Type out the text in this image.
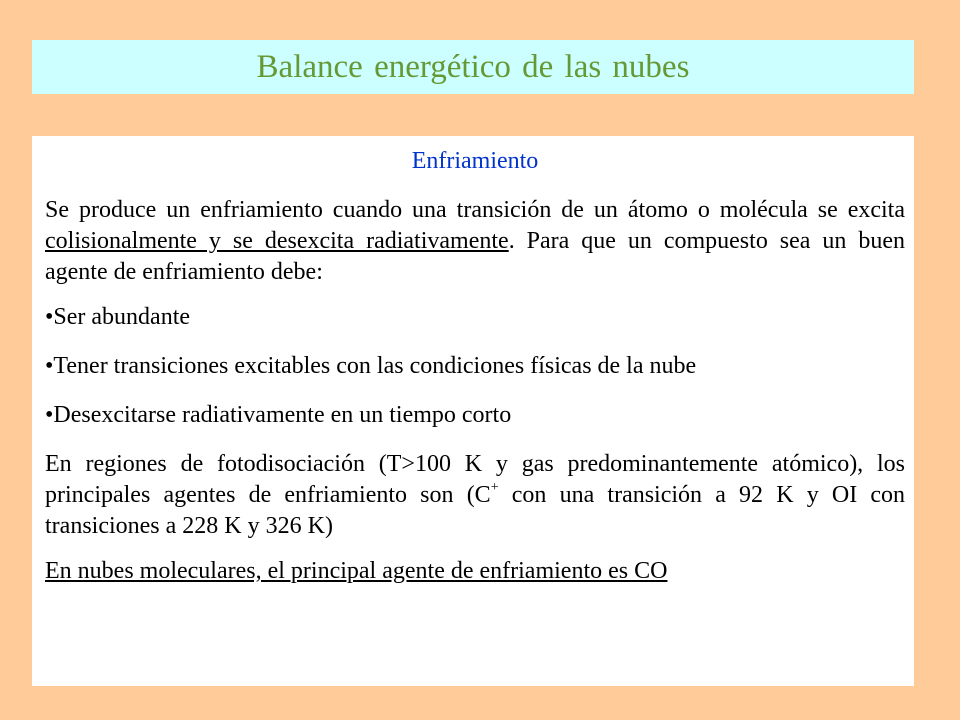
Balance energético de las nubes

Enfriamiento

Se produce un enfriamiento cuando una transición de un átomo o molécula se excita colisionalmente y se desexcita radiativamente. Para que un compuesto sea un buen agente de enfriamiento debe:

•Ser abundante

•Tener transiciones excitables con las condiciones físicas de la nube

•Desexcitarse radiativamente en un tiempo corto

En regiones de fotodisociación (T>100 K y gas predominantemente atómico), los principales agentes de enfriamiento son (C+ con una transición a 92 K y OI con transiciones a 228 K y 326 K)

En nubes moleculares, el principal agente de enfriamiento es CO
